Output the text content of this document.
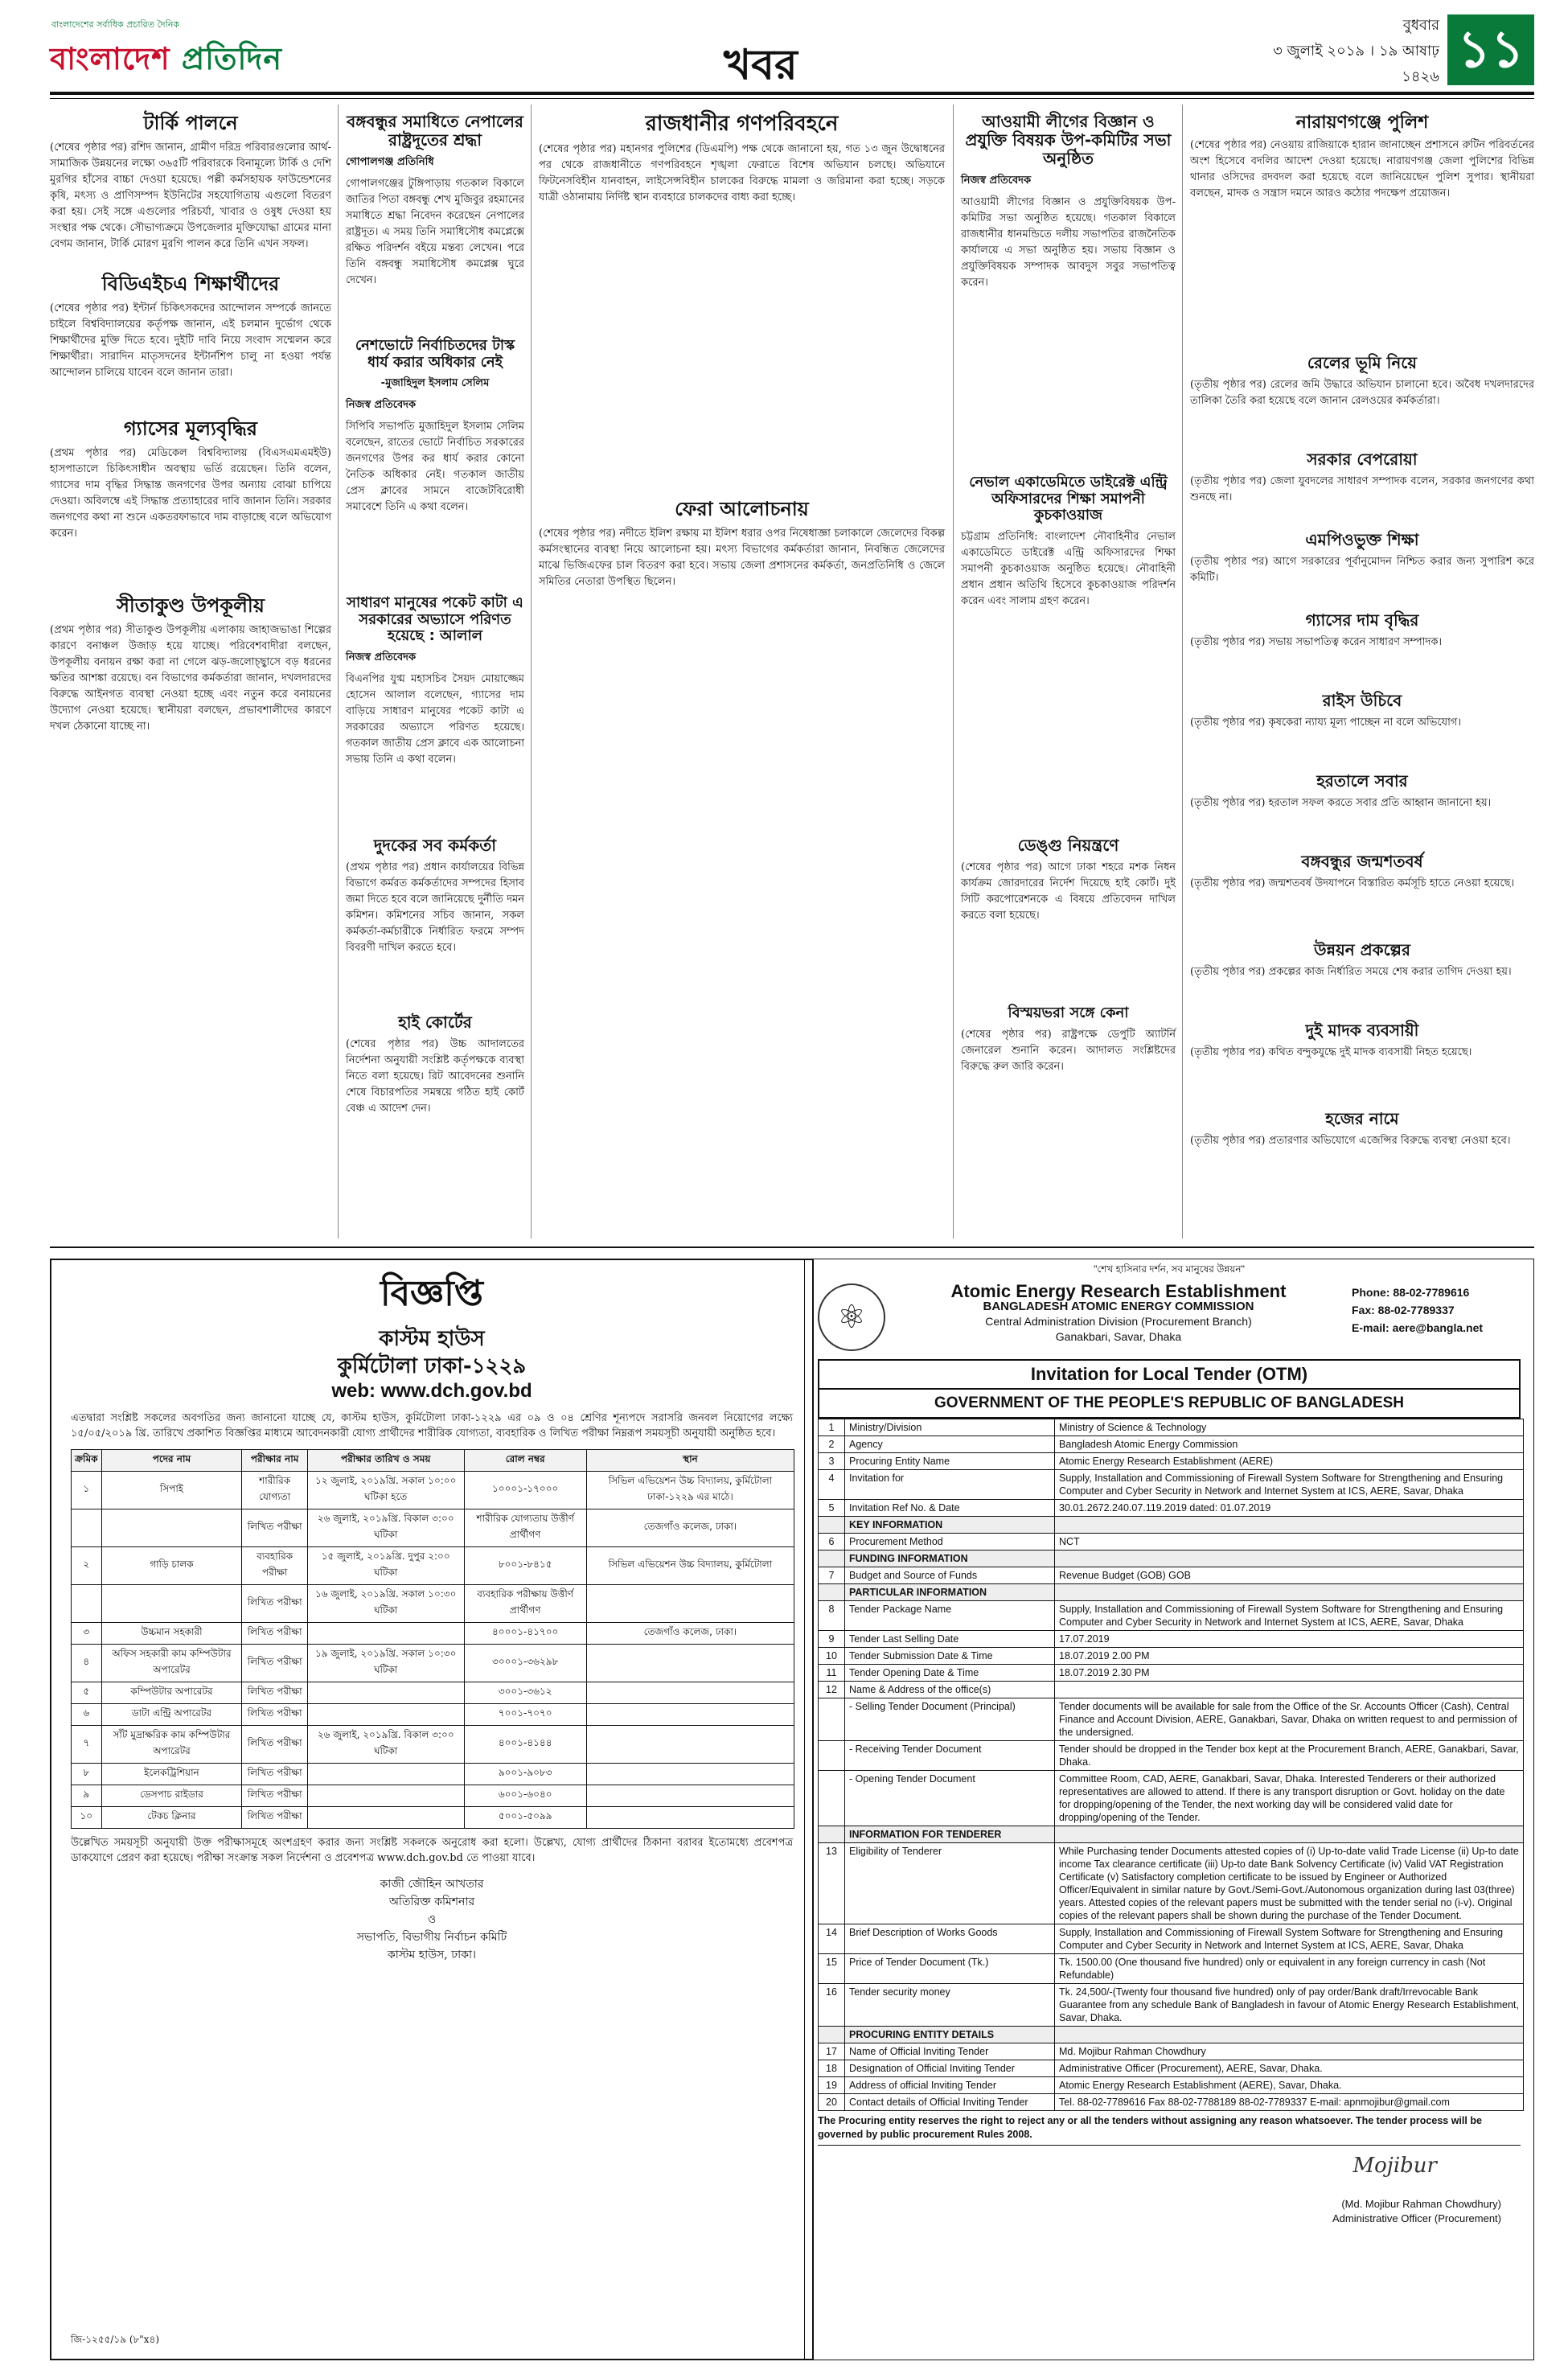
বাংলাদেশের সর্বাধিক প্রচারিত দৈনিক
বাংলাদেশ প্রতিদিন	খবর
বুধবার
৩ জুলাই ২০১৯ । ১৯ আষাঢ় ১৪২৬ ১১
টার্কি পালনে

(শেষের পৃষ্ঠার পর) রশিদ জানান, গ্রামীণ দরিদ্র পরিবারগুলোর আর্থ-সামাজিক উন্নয়নের লক্ষ্যে ৩৬৫টি পরিবারকে বিনামূল্যে টার্কি ও দেশি মুরগির হাঁসের বাচ্চা দেওয়া হয়েছে। পল্লী কর্মসহায়ক ফাউন্ডেশনের কৃষি, মৎস্য ও প্রাণিসম্পদ ইউনিটের সহযোগিতায় এগুলো বিতরণ করা হয়। সেই সঙ্গে এগুলোর পরিচর্যা, খাবার ও ওষুধ দেওয়া হয় সংস্থার পক্ষ থেকে। সৌভাগ্যক্রমে উপজেলার মুক্তিযোদ্ধা গ্রামের মানা বেগম জানান, টার্কি মোরগ মুরগি পালন করে তিনি এখন সফল।

বিডিএইচএ শিক্ষার্থীদের

(শেষের পৃষ্ঠার পর) ইন্টার্ন চিকিৎসকদের আন্দোলন সম্পর্কে জানতে চাইলে বিশ্ববিদ্যালয়ের কর্তৃপক্ষ জানান, এই চলমান দুর্ভোগ থেকে শিক্ষার্থীদের মুক্তি দিতে হবে। দুইটি দাবি নিয়ে সংবাদ সম্মেলন করে শিক্ষার্থীরা। সারাদিন মাতৃসদনের ইন্টার্নশিপ চালু না হওয়া পর্যন্ত আন্দোলন চালিয়ে যাবেন বলে জানান তারা।

গ্যাসের মূল্যবৃদ্ধির

(প্রথম পৃষ্ঠার পর) মেডিকেল বিশ্ববিদ্যালয় (বিএসএমএমইউ) হাসপাতালে চিকিৎসাধীন অবস্থায় ভর্তি রয়েছেন। তিনি বলেন, গ্যাসের দাম বৃদ্ধির সিদ্ধান্ত জনগণের উপর অন্যায় বোঝা চাপিয়ে দেওয়া। অবিলম্বে এই সিদ্ধান্ত প্রত্যাহারের দাবি জানান তিনি। সরকার জনগণের কথা না শুনে একতরফাভাবে দাম বাড়াচ্ছে বলে অভিযোগ করেন।

সীতাকুণ্ড উপকূলীয়

(প্রথম পৃষ্ঠার পর) সীতাকুণ্ড উপকূলীয় এলাকায় জাহাজভাঙা শিল্পের কারণে বনাঞ্চল উজাড় হয়ে যাচ্ছে। পরিবেশবাদীরা বলছেন, উপকূলীয় বনায়ন রক্ষা করা না গেলে ঝড়-জলোচ্ছ্বাসে বড় ধরনের ক্ষতির আশঙ্কা রয়েছে। বন বিভাগের কর্মকর্তারা জানান, দখলদারদের বিরুদ্ধে আইনগত ব্যবস্থা নেওয়া হচ্ছে এবং নতুন করে বনায়নের উদ্যোগ নেওয়া হয়েছে। স্থানীয়রা বলছেন, প্রভাবশালীদের কারণে দখল ঠেকানো যাচ্ছে না।

বঙ্গবন্ধুর সমাধিতে নেপালের রাষ্ট্রদূতের শ্রদ্ধা
গোপালগঞ্জ প্রতিনিধি

গোপালগঞ্জের টুঙ্গিপাড়ায় গতকাল বিকালে জাতির পিতা বঙ্গবন্ধু শেখ মুজিবুর রহমানের সমাধিতে শ্রদ্ধা নিবেদন করেছেন নেপালের রাষ্ট্রদূত। এ সময় তিনি সমাধিসৌধ কমপ্লেক্সে রক্ষিত পরিদর্শন বইয়ে মন্তব্য লেখেন। পরে তিনি বঙ্গবন্ধু সমাধিসৌধ কমপ্লেক্স ঘুরে দেখেন।

নেশভোটে নির্বাচিতদের টাস্ক ধার্য করার অধিকার নেই
-মুজাহিদুল ইসলাম সেলিম
নিজস্ব প্রতিবেদক

সিপিবি সভাপতি মুজাহিদুল ইসলাম সেলিম বলেছেন, রাতের ভোটে নির্বাচিত সরকারের জনগণের উপর কর ধার্য করার কোনো নৈতিক অধিকার নেই। গতকাল জাতীয় প্রেস ক্লাবের সামনে বাজেটবিরোধী সমাবেশে তিনি এ কথা বলেন।

সাধারণ মানুষের পকেট কাটা এ সরকারের অভ্যাসে পরিণত হয়েছে : আলাল
নিজস্ব প্রতিবেদক

বিএনপির যুগ্ম মহাসচিব সৈয়দ মোয়াজ্জেম হোসেন আলাল বলেছেন, গ্যাসের দাম বাড়িয়ে সাধারণ মানুষের পকেট কাটা এ সরকারের অভ্যাসে পরিণত হয়েছে। গতকাল জাতীয় প্রেস ক্লাবে এক আলোচনা সভায় তিনি এ কথা বলেন।

দুদকের সব কর্মকর্তা

(প্রথম পৃষ্ঠার পর) প্রধান কার্যালয়ের বিভিন্ন বিভাগে কর্মরত কর্মকর্তাদের সম্পদের হিসাব জমা দিতে হবে বলে জানিয়েছে দুর্নীতি দমন কমিশন। কমিশনের সচিব জানান, সকল কর্মকর্তা-কর্মচারীকে নির্ধারিত ফরমে সম্পদ বিবরণী দাখিল করতে হবে।

হাই কোর্টের

(শেষের পৃষ্ঠার পর) উচ্চ আদালতের নির্দেশনা অনুযায়ী সংশ্লিষ্ট কর্তৃপক্ষকে ব্যবস্থা নিতে বলা হয়েছে। রিট আবেদনের শুনানি শেষে বিচারপতির সমন্বয়ে গঠিত হাই কোর্ট বেঞ্চ এ আদেশ দেন।

রাজধানীর গণপরিবহনে

(শেষের পৃষ্ঠার পর) মহানগর পুলিশের (ডিএমপি) পক্ষ থেকে জানানো হয়, গত ১৩ জুন উদ্বোধনের পর থেকে রাজধানীতে গণপরিবহনে শৃঙ্খলা ফেরাতে বিশেষ অভিযান চলছে। অভিযানে ফিটনেসবিহীন যানবাহন, লাইসেন্সবিহীন চালকের বিরুদ্ধে মামলা ও জরিমানা করা হচ্ছে। সড়কে যাত্রী ওঠানামায় নির্দিষ্ট স্থান ব্যবহারে চালকদের বাধ্য করা হচ্ছে।

ফেরা আলোচনায়

(শেষের পৃষ্ঠার পর) নদীতে ইলিশ রক্ষায় মা ইলিশ ধরার ওপর নিষেধাজ্ঞা চলাকালে জেলেদের বিকল্প কর্মসংস্থানের ব্যবস্থা নিয়ে আলোচনা হয়। মৎস্য বিভাগের কর্মকর্তারা জানান, নিবন্ধিত জেলেদের মাঝে ভিজিএফের চাল বিতরণ করা হবে। সভায় জেলা প্রশাসনের কর্মকর্তা, জনপ্রতিনিধি ও জেলে সমিতির নেতারা উপস্থিত ছিলেন।

আওয়ামী লীগের বিজ্ঞান ও প্রযুক্তি বিষয়ক উপ-কমিটির সভা অনুষ্ঠিত
নিজস্ব প্রতিবেদক

আওয়ামী লীগের বিজ্ঞান ও প্রযুক্তিবিষয়ক উপ-কমিটির সভা অনুষ্ঠিত হয়েছে। গতকাল বিকালে রাজধানীর ধানমন্ডিতে দলীয় সভাপতির রাজনৈতিক কার্যালয়ে এ সভা অনুষ্ঠিত হয়। সভায় বিজ্ঞান ও প্রযুক্তিবিষয়ক সম্পাদক আবদুস সবুর সভাপতিত্ব করেন।

নেভাল একাডেমিতে ডাইরেক্ট এন্ট্রি অফিসারদের শিক্ষা সমাপনী কুচকাওয়াজ

চট্টগ্রাম প্রতিনিধি: বাংলাদেশ নৌবাহিনীর নেভাল একাডেমিতে ডাইরেক্ট এন্ট্রি অফিসারদের শিক্ষা সমাপনী কুচকাওয়াজ অনুষ্ঠিত হয়েছে। নৌবাহিনী প্রধান প্রধান অতিথি হিসেবে কুচকাওয়াজ পরিদর্শন করেন এবং সালাম গ্রহণ করেন।

ডেঙ্গু নিয়ন্ত্রণে

(শেষের পৃষ্ঠার পর) আগে ঢাকা শহরে মশক নিধন কার্যক্রম জোরদারের নির্দেশ দিয়েছে হাই কোর্ট। দুই সিটি করপোরেশনকে এ বিষয়ে প্রতিবেদন দাখিল করতে বলা হয়েছে।

বিস্ময়ভরা সঙ্গে কেনা

(শেষের পৃষ্ঠার পর) রাষ্ট্রপক্ষে ডেপুটি অ্যাটর্নি জেনারেল শুনানি করেন। আদালত সংশ্লিষ্টদের বিরুদ্ধে রুল জারি করেন।

নারায়ণগঞ্জে পুলিশ

(শেষের পৃষ্ঠার পর) নেওয়ায় রাজিয়াকে হারান জানাচ্ছেন প্রশাসনে রুটিন পরিবর্তনের অংশ হিসেবে বদলির আদেশ দেওয়া হয়েছে। নারায়ণগঞ্জ জেলা পুলিশের বিভিন্ন থানার ওসিদের রদবদল করা হয়েছে বলে জানিয়েছেন পুলিশ সুপার। স্থানীয়রা বলছেন, মাদক ও সন্ত্রাস দমনে আরও কঠোর পদক্ষেপ প্রয়োজন।

রেলের ভূমি নিয়ে

(তৃতীয় পৃষ্ঠার পর) রেলের জমি উদ্ধারে অভিযান চালানো হবে। অবৈধ দখলদারদের তালিকা তৈরি করা হয়েছে বলে জানান রেলওয়ের কর্মকর্তারা।

সরকার বেপরোয়া

(তৃতীয় পৃষ্ঠার পর) জেলা যুবদলের সাধারণ সম্পাদক বলেন, সরকার জনগণের কথা শুনছে না।

এমপিওভুক্ত শিক্ষা

(তৃতীয় পৃষ্ঠার পর) আগে সরকারের পূর্বানুমোদন নিশ্চিত করার জন্য সুপারিশ করে কমিটি।

গ্যাসের দাম বৃদ্ধির

(তৃতীয় পৃষ্ঠার পর) সভায় সভাপতিত্ব করেন সাধারণ সম্পাদক।

রাইস উচিবে

(তৃতীয় পৃষ্ঠার পর) কৃষকেরা ন্যায্য মূল্য পাচ্ছেন না বলে অভিযোগ।

হরতালে সবার

(তৃতীয় পৃষ্ঠার পর) হরতাল সফল করতে সবার প্রতি আহ্বান জানানো হয়।

বঙ্গবন্ধুর জন্মশতবর্ষ

(তৃতীয় পৃষ্ঠার পর) জন্মশতবর্ষ উদযাপনে বিস্তারিত কর্মসূচি হাতে নেওয়া হয়েছে।

উন্নয়ন প্রকল্পের

(তৃতীয় পৃষ্ঠার পর) প্রকল্পের কাজ নির্ধারিত সময়ে শেষ করার তাগিদ দেওয়া হয়।

দুই মাদক ব্যবসায়ী

(তৃতীয় পৃষ্ঠার পর) কথিত বন্দুকযুদ্ধে দুই মাদক ব্যবসায়ী নিহত হয়েছে।

হজের নামে

(তৃতীয় পৃষ্ঠার পর) প্রতারণার অভিযোগে এজেন্সির বিরুদ্ধে ব্যবস্থা নেওয়া হবে।

বিজ্ঞপ্তি
কাস্টম হাউস
কুর্মিটোলা ঢাকা-১২২৯
web: www.dch.gov.bd
এতদ্বারা সংশ্লিষ্ট সকলের অবগতির জন্য জানানো যাচ্ছে যে, কাস্টম হাউস, কুর্মিটোলা ঢাকা-১২২৯ এর ০৯ ও ০৪ শ্রেণির শূন্যপদে সরাসরি জনবল নিয়োগের লক্ষ্যে ১৫/০৫/২০১৯ খ্রি. তারিখে প্রকাশিত বিজ্ঞপ্তির মাধ্যমে আবেদনকারী যোগ্য প্রার্থীদের শারীরিক যোগ্যতা, ব্যবহারিক ও লিখিত পরীক্ষা নিম্নরূপ সময়সূচী অনুযায়ী অনুষ্ঠিত হবে।
ক্রমিক	পদের নাম	পরীক্ষার নাম	পরীক্ষার তারিখ ও সময়	রোল নম্বর	স্থান
১	সিপাই	শারীরিক যোগ্যতা	১২ জুলাই, ২০১৯খ্রি. সকাল ১০:০০ ঘটিকা হতে	১০০০১-১৭০০০	সিভিল এভিয়েশন উচ্চ বিদ্যালয়, কুর্মিটোলা ঢাকা-১২২৯ এর মাঠে।
		লিখিত পরীক্ষা	২৬ জুলাই, ২০১৯খ্রি. বিকাল ৩:০০ ঘটিকা	শারীরিক যোগ্যতায় উত্তীর্ণ প্রার্থীগণ	তেজগাঁও কলেজ, ঢাকা।
২	গাড়ি চালক	ব্যবহারিক পরীক্ষা	১৫ জুলাই, ২০১৯খ্রি. দুপুর ২:০০ ঘটিকা	৮০০১-৮৪১৫	সিভিল এভিয়েশন উচ্চ বিদ্যালয়, কুর্মিটোলা
		লিখিত পরীক্ষা	১৬ জুলাই, ২০১৯খ্রি. সকাল ১০:৩০ ঘটিকা	ব্যবহারিক পরীক্ষায় উত্তীর্ণ প্রার্থীগণ	
৩	উচ্চমান সহকারী	লিখিত পরীক্ষা		৪০০০১-৪১৭০০	তেজগাঁও কলেজ, ঢাকা।
৪	অফিস সহকারী কাম কম্পিউটার অপারেটর	লিখিত পরীক্ষা	১৯ জুলাই, ২০১৯খ্রি. সকাল ১০:৩০ ঘটিকা	৩০০০১-৩৬২৯৮	
৫	কম্পিউটার অপারেটর	লিখিত পরীক্ষা		৩০০১-৩৬১২	
৬	ডাটা এন্ট্রি অপারেটর	লিখিত পরীক্ষা		৭০০১-৭০৭০	
৭	সাঁট মুদ্রাক্ষরিক কাম কম্পিউটার অপারেটর	লিখিত পরীক্ষা	২৬ জুলাই, ২০১৯খ্রি. বিকাল ৩:০০ ঘটিকা	৪০০১-৪১৪৪	
৮	ইলেকট্রিশিয়ান	লিখিত পরীক্ষা		৯০০১-৯০৮৩	
৯	ডেসপাচ রাইডার	লিখিত পরীক্ষা		৬০০১-৬০৪০	
১০	টেকচ ক্লিনার	লিখিত পরীক্ষা		৫০০১-৫০৯৯	
উল্লেখিত সময়সূচী অনুযায়ী উক্ত পরীক্ষাসমূহে অংশগ্রহণ করার জন্য সংশ্লিষ্ট সকলকে অনুরোধ করা হলো। উল্লেখ্য, যোগ্য প্রার্থীদের ঠিকানা বরাবর ইতোমধ্যে প্রবেশপত্র ডাকযোগে প্রেরণ করা হয়েছে। পরীক্ষা সংক্রান্ত সকল নির্দেশনা ও প্রবেশপত্র www.dch.gov.bd তে পাওয়া যাবে।
কাজী জৌহিন আখতার
অতিরিক্ত কমিশনার
ও
সভাপতি, বিভাগীয় নির্বাচন কমিটি
কাস্টম হাউস, ঢাকা।
জি-১২৫৫/১৯ (৮"x৪)
"শেখ হাসিনার দর্শন, সব মানুষের উন্নয়ন"
⚛
Atomic Energy Research Establishment
BANGLADESH ATOMIC ENERGY COMMISSION
Central Administration Division (Procurement Branch)
Ganakbari, Savar, Dhaka
Phone: 88-02-7789616
Fax: 88-02-7789337
E-mail: aere@bangla.net
Invitation for Local Tender (OTM)
GOVERNMENT OF THE PEOPLE'S REPUBLIC OF BANGLADESH
1	Ministry/Division	Ministry of Science & Technology
2	Agency	Bangladesh Atomic Energy Commission
3	Procuring Entity Name	Atomic Energy Research Establishment (AERE)
4	Invitation for	Supply, Installation and Commissioning of Firewall System Software for Strengthening and Ensuring Computer and Cyber Security in Network and Internet System at ICS, AERE, Savar, Dhaka
5	Invitation Ref No. & Date	30.01.2672.240.07.119.2019 dated: 01.07.2019
	KEY INFORMATION	
6	Procurement Method	NCT
	FUNDING INFORMATION	
7	Budget and Source of Funds	Revenue Budget (GOB) GOB
	PARTICULAR INFORMATION	
8	Tender Package Name	Supply, Installation and Commissioning of Firewall System Software for Strengthening and Ensuring Computer and Cyber Security in Network and Internet System at ICS, AERE, Savar, Dhaka
9	Tender Last Selling Date	17.07.2019
10	Tender Submission Date & Time	18.07.2019 2.00 PM
11	Tender Opening Date & Time	18.07.2019 2.30 PM
12	Name & Address of the office(s)	
	- Selling Tender Document (Principal)	Tender documents will be available for sale from the Office of the Sr. Accounts Officer (Cash), Central Finance and Account Division, AERE, Ganakbari, Savar, Dhaka on written request to and permission of the undersigned.
	- Receiving Tender Document	Tender should be dropped in the Tender box kept at the Procurement Branch, AERE, Ganakbari, Savar, Dhaka.
	- Opening Tender Document	Committee Room, CAD, AERE, Ganakbari, Savar, Dhaka. Interested Tenderers or their authorized representatives are allowed to attend. If there is any transport disruption or Govt. holiday on the date for dropping/opening of the Tender, the next working day will be considered valid date for dropping/opening of the Tender.
	INFORMATION FOR TENDERER	
13	Eligibility of Tenderer	While Purchasing tender Documents attested copies of (i) Up-to-date valid Trade License (ii) Up-to date income Tax clearance certificate (iii) Up-to date Bank Solvency Certificate (iv) Valid VAT Registration Certificate (v) Satisfactory completion certificate to be issued by Engineer or Authorized Officer/Equivalent in similar nature by Govt./Semi-Govt./Autonomous organization during last 03(three) years. Attested copies of the relevant papers must be submitted with the tender serial no (i-v). Original copies of the relevant papers shall be shown during the purchase of the Tender Document.
14	Brief Description of Works Goods	Supply, Installation and Commissioning of Firewall System Software for Strengthening and Ensuring Computer and Cyber Security in Network and Internet System at ICS, AERE, Savar, Dhaka
15	Price of Tender Document (Tk.)	Tk. 1500.00 (One thousand five hundred) only or equivalent in any foreign currency in cash (Not Refundable)
16	Tender security money	Tk. 24,500/-(Twenty four thousand five hundred) only of pay order/Bank draft/Irrevocable Bank Guarantee from any schedule Bank of Bangladesh in favour of Atomic Energy Research Establishment, Savar, Dhaka.
	PROCURING ENTITY DETAILS	
17	Name of Official Inviting Tender	Md. Mojibur Rahman Chowdhury
18	Designation of Official Inviting Tender	Administrative Officer (Procurement), AERE, Savar, Dhaka.
19	Address of official Inviting Tender	Atomic Energy Research Establishment (AERE), Savar, Dhaka.
20	Contact details of Official Inviting Tender	Tel. 88-02-7789616 Fax 88-02-7788189 88-02-7789337 E-mail: apnmojibur@gmail.com
The Procuring entity reserves the right to reject any or all the tenders without assigning any reason whatsoever. The tender process will be governed by public procurement Rules 2008.
Mojibur
(Md. Mojibur Rahman Chowdhury)
Administrative Officer (Procurement)
